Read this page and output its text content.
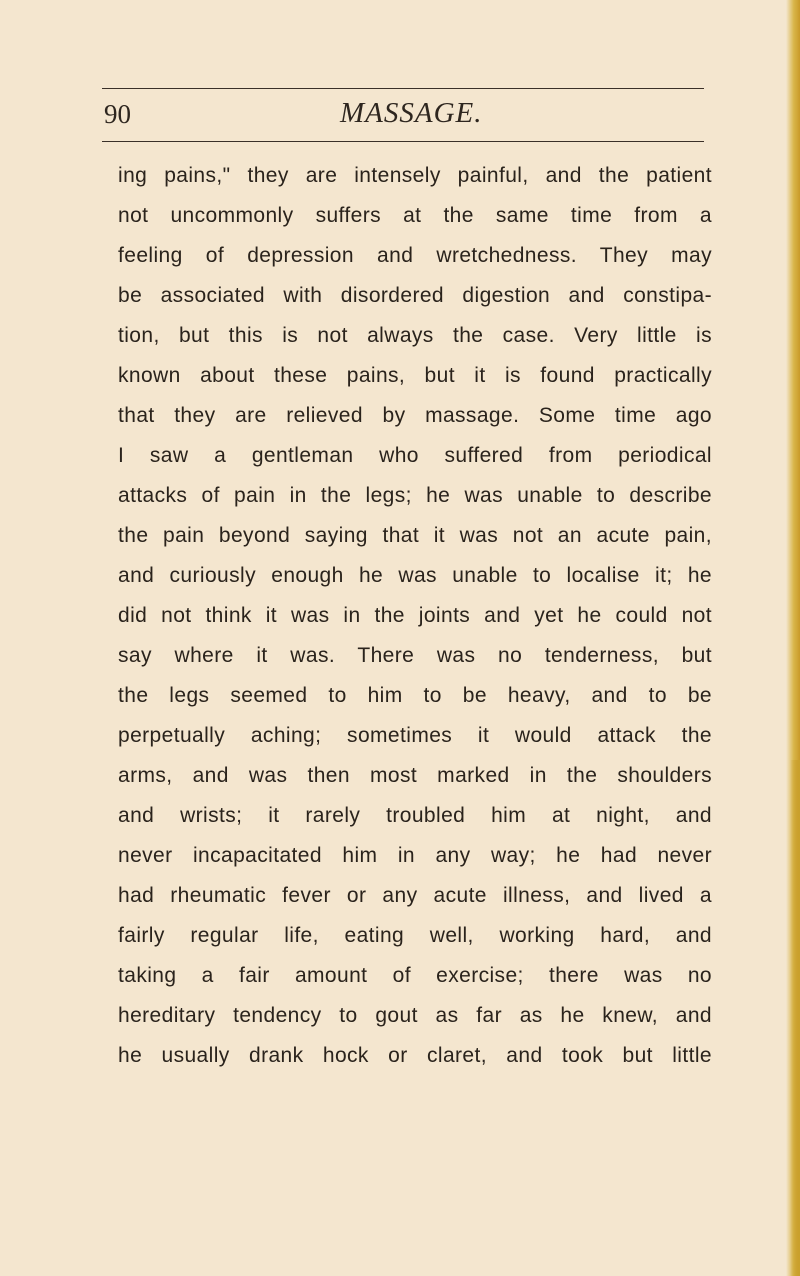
90	MASSAGE.
ing pains," they are intensely painful, and the patient
not uncommonly suffers at the same time from a
feeling of depression and wretchedness. They may
be associated with disordered digestion and constipa-
tion, but this is not always the case. Very little is
known about these pains, but it is found practically
that they are relieved by massage. Some time ago
I saw a gentleman who suffered from periodical
attacks of pain in the legs; he was unable to describe
the pain beyond saying that it was not an acute pain,
and curiously enough he was unable to localise it; he
did not think it was in the joints and yet he could not
say where it was. There was no tenderness, but
the legs seemed to him to be heavy, and to be
perpetually aching; sometimes it would attack the
arms, and was then most marked in the shoulders
and wrists; it rarely troubled him at night, and
never incapacitated him in any way; he had never
had rheumatic fever or any acute illness, and lived a
fairly regular life, eating well, working hard, and
taking a fair amount of exercise; there was no
hereditary tendency to gout as far as he knew, and
he usually drank hock or claret, and took but little
